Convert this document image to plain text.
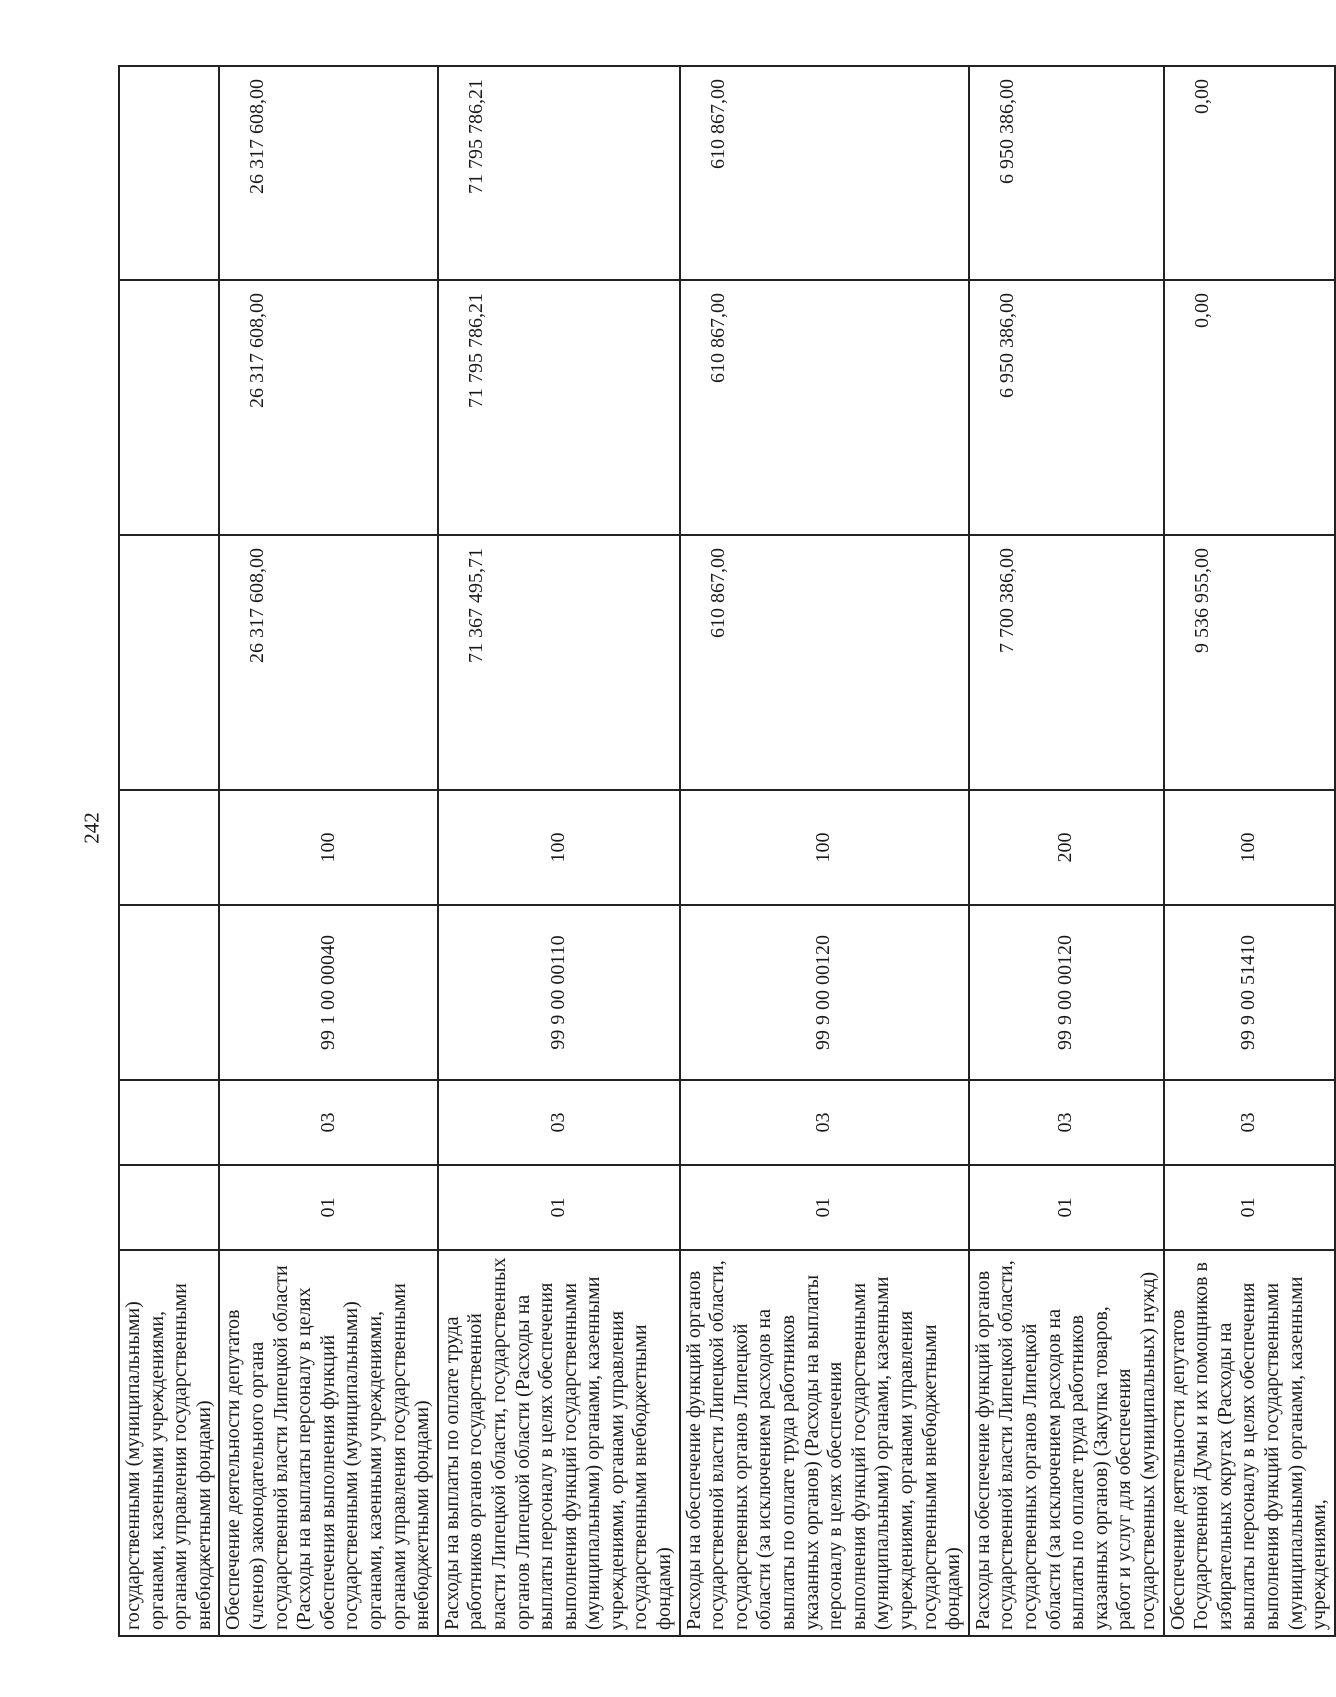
242
государственными (муниципальными) органами, казенными учреждениями, органами управления государственными внебюджетными фондами)							
Обеспечение деятельности депутатов (членов) законодательного органа государственной власти Липецкой области (Расходы на выплаты персоналу в целях обеспечения выполнения функций государственными (муниципальными) органами, казенными учреждениями, органами управления государственными внебюджетными фондами)	01	03	99 1 00 00040	100	26 317 608,00	26 317 608,00	26 317 608,00
Расходы на выплаты по оплате труда работников органов государственной власти Липецкой области, государственных органов Липецкой области (Расходы на выплаты персоналу в целях обеспечения выполнения функций государственными (муниципальными) органами, казенными учреждениями, органами управления государственными внебюджетными фондами)	01	03	99 9 00 00110	100	71 367 495,71	71 795 786,21	71 795 786,21
Расходы на обеспечение функций органов государственной власти Липецкой области, государственных органов Липецкой области (за исключением расходов на выплаты по оплате труда работников указанных органов) (Расходы на выплаты персоналу в целях обеспечения выполнения функций государственными (муниципальными) органами, казенными учреждениями, органами управления государственными внебюджетными фондами)	01	03	99 9 00 00120	100	610 867,00	610 867,00	610 867,00
Расходы на обеспечение функций органов государственной власти Липецкой области, государственных органов Липецкой области (за исключением расходов на выплаты по оплате труда работников указанных органов) (Закупка товаров, работ и услуг для обеспечения государственных (муниципальных) нужд)	01	03	99 9 00 00120	200	7 700 386,00	6 950 386,00	6 950 386,00
Обеспечение деятельности депутатов Государственной Думы и их помощников в избирательных округах (Расходы на выплаты персоналу в целях обеспечения выполнения функций государственными (муниципальными) органами, казенными учреждениями,	01	03	99 9 00 51410	100	9 536 955,00	0,00	0,00
